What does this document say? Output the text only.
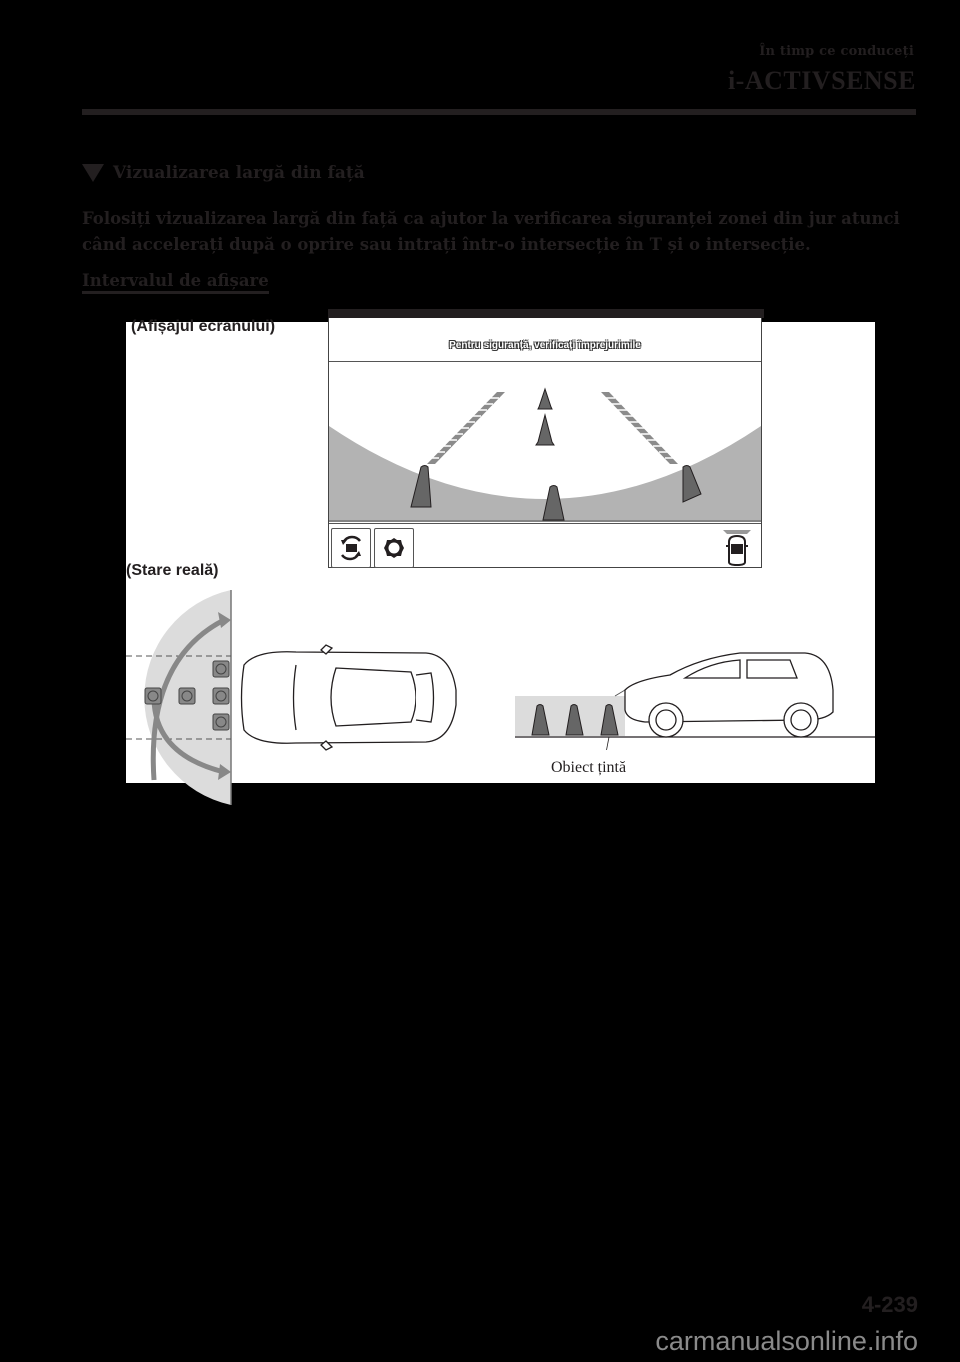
În timp ce conduceți
i-ACTIVSENSE
Vizualizarea largă din față
Folosiți vizualizarea largă din față ca ajutor la verificarea siguranței zonei din jur atunci când accelerați după o oprire sau intrați într-o intersecție în T și o intersecție.
Intervalul de afișare
(Afișajul ecranului)
(Stare reală)
Pentru siguranță, verificați împrejurimile
Obiect țintă
4-239
carmanualsonline.info
